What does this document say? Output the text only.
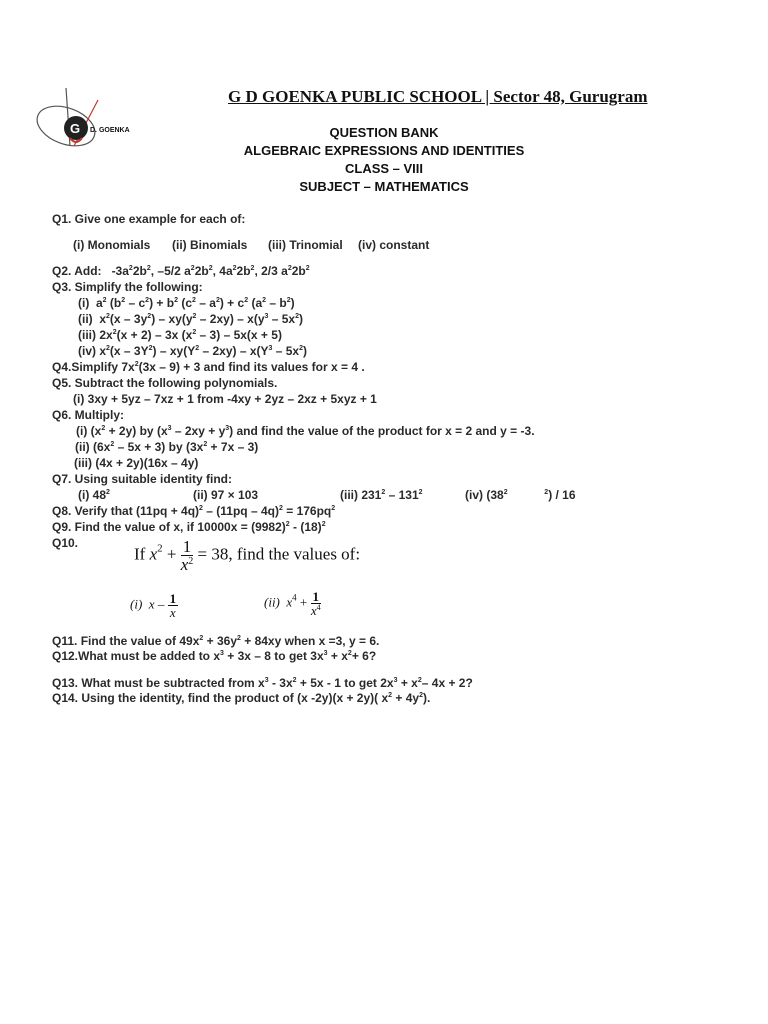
G D. GOENKA
G D GOENKA PUBLIC SCHOOL | Sector 48, Gurugram
QUESTION BANK
ALGEBRAIC EXPRESSIONS AND IDENTITIES
CLASS – VIII
SUBJECT – MATHEMATICS
Q1. Give one example for each of:
(i) Monomials (ii) Binomials (iii) Trinomial (iv) constant
Q2. Add:   $-3a^22b^2$, –5/2 $a^22b^2$, $4a^22b^2$, 2/3 $a^22b^2$
Q3. Simplify the following:
(i)  $a^2$ $(b^2 - c^2) + b^2$ $(c^2 - a^2) + c^2$ $(a^2 - b^2)$
(ii)  $x^2(x - 3y^2) - xy(y^2 - 2xy) - x(y^3 - 5x^2)$
(iii) $2x^2(x + 2) - 3x$ $(x^2 - 3) - 5x(x + 5)$
(iv) $x^2(x - 3Y^2) - xy(Y^2 - 2xy) - x(Y^3 - 5x^2)$
Q4.Simplify $7x^2(3x - 9) + 3$ and find its values for x = 4 .
Q5. Subtract the following polynomials.
(i) 3xy + 5yz – 7xz + 1 from -4xy + 2yz – 2xz + 5xyz + 1
Q6. Multiply:
(i) $(x^2 + 2y)$ by $(x^3 - 2xy + y^3)$ and find the value of the product for x = 2 and y = -3.
(ii) $(6x^2 - 5x + 3)$ by $(3x^2 + 7x - 3)$
(iii) (4x + 2y)(16x – 4y)
Q7. Using suitable identity find:
(i) $48^2$	(ii) 97 × 103	(iii) $231^2 - 131^2$	(iv) ($38^2$	$^2$) / 16
Q8. Verify that $(11pq + 4q)^2 - (11pq - 4q)^2 = 176pq^2$
Q9. Find the value of x, if $10000x = (9982)^2 - (18)^2$
Q10.
If $x^2 + \frac{1}{x^2} = 38$, find the values of:
(i) x – $\frac{1}{x}$	(ii) $x^4 + \frac{1}{x^4}$
Q11. Find the value of $49x^2 + 36y^2 + 84xy$ when x =3, y = 6.
Q12.What must be added to $x^3 + 3x - 8$ to get $3x^3 + x^2+ 6$?
Q13. What must be subtracted from $x^3 - 3x^2 + 5x - 1$ to get $2x^3 + x^2-$ 4x + 2?
Q14. Using the identity, find the product of (x -2y)(x + 2y)( $x^2 + 4y^2$).
